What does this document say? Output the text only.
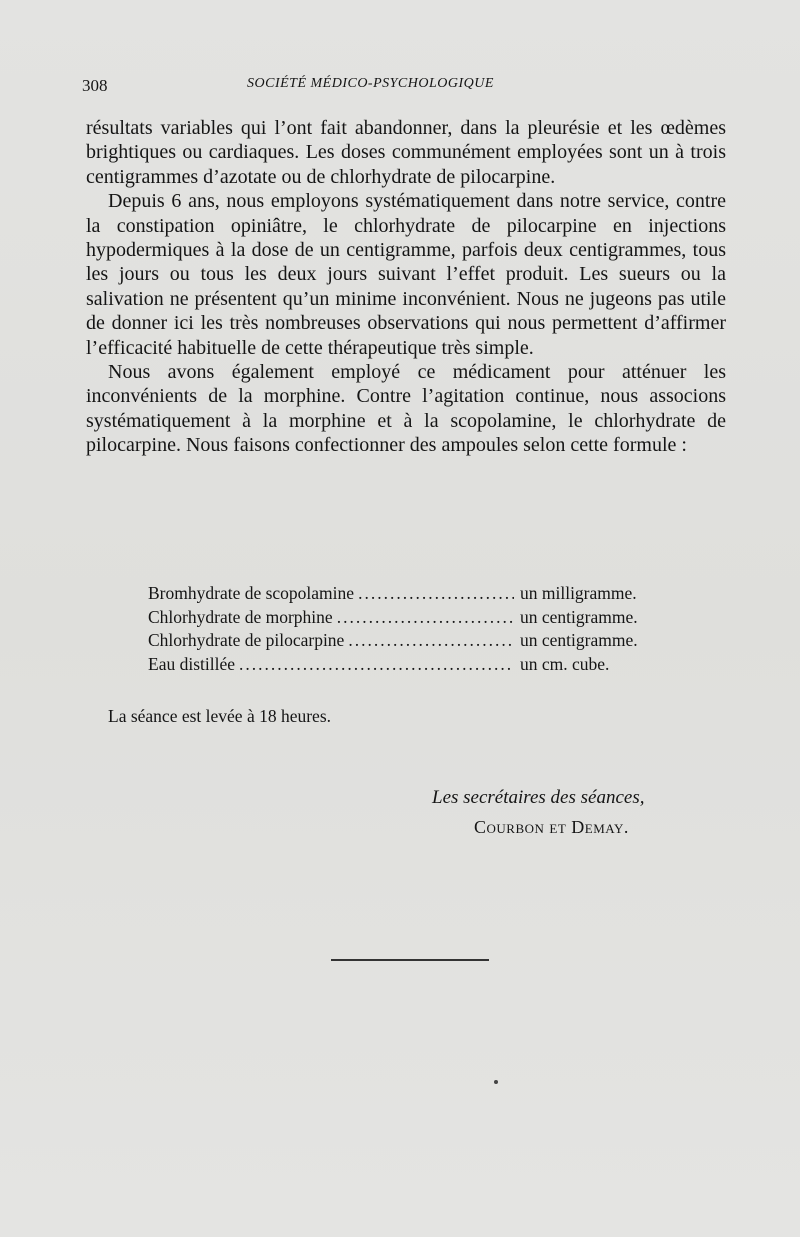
308	SOCIÉTÉ MÉDICO-PSYCHOLOGIQUE

résultats variables qui l’ont fait abandonner, dans la pleurésie et les œdèmes brightiques ou cardiaques. Les doses communément employées sont un à trois centigrammes d’azotate ou de chlorhydrate de pilocarpine.

Depuis 6 ans, nous employons systématiquement dans notre service, contre la constipation opiniâtre, le chlorhydrate de pilocarpine en injections hypodermiques à la dose de un centigramme, parfois deux centigrammes, tous les jours ou tous les deux jours suivant l’effet produit. Les sueurs ou la salivation ne présentent qu’un minime inconvénient. Nous ne jugeons pas utile de donner ici les très nombreuses observations qui nous permettent d’affirmer l’efficacité habituelle de cette thérapeutique très simple.

Nous avons également employé ce médicament pour atténuer les inconvénients de la morphine. Contre l’agitation continue, nous associons systématiquement à la morphine et à la scopolamine, le chlorhydrate de pilocarpine. Nous faisons confectionner des ampoules selon cette formule :

Bromhydrate de scopolamine .....	un milligramme.
Chlorhydrate de morphine .....	un centigramme.
Chlorhydrate de pilocarpine .....	un centigramme.
Eau distillée .....	un cm. cube.
La séance est levée à 18 heures.
Les secrétaires des séances,
Courbon et Demay.
